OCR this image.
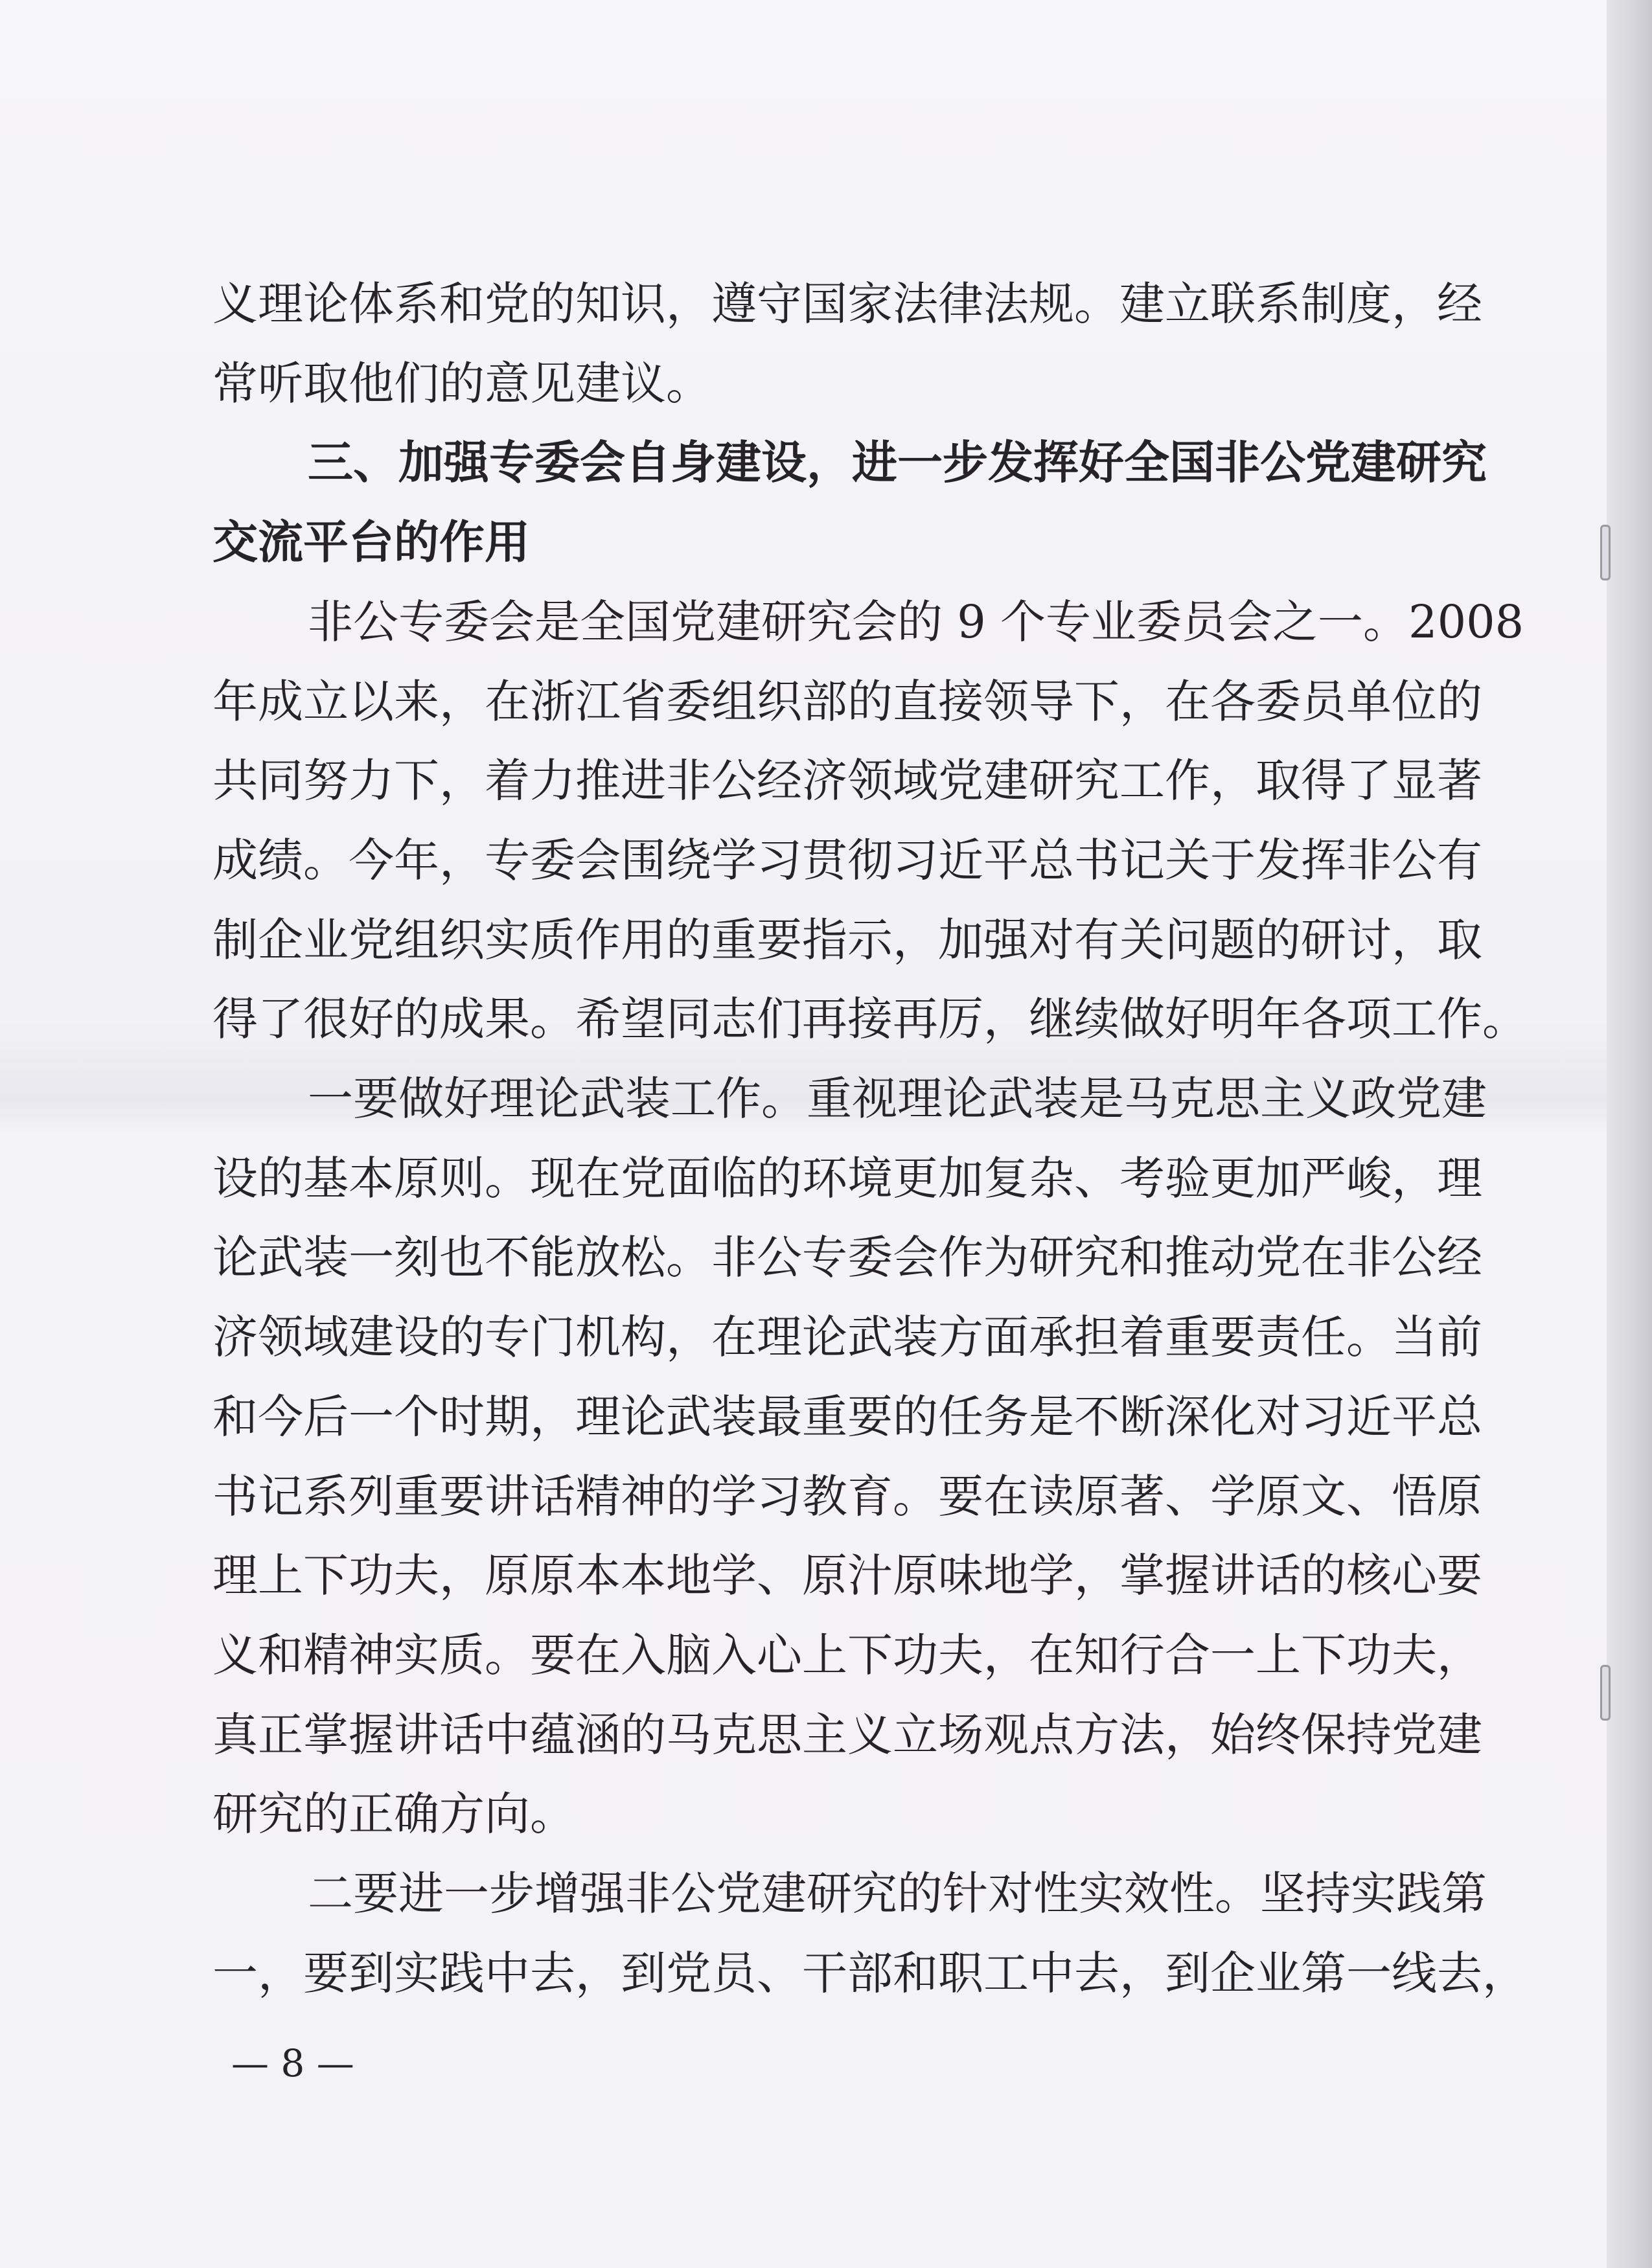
义理论体系和党的知识，遵守国家法律法规。建立联系制度，经
常听取他们的意见建议。
三、加强专委会自身建设，进一步发挥好全国非公党建研究
交流平台的作用
非公专委会是全国党建研究会的 9 个专业委员会之一。2008
年成立以来，在浙江省委组织部的直接领导下，在各委员单位的
共同努力下，着力推进非公经济领域党建研究工作，取得了显著
成绩。今年，专委会围绕学习贯彻习近平总书记关于发挥非公有
制企业党组织实质作用的重要指示，加强对有关问题的研讨，取
得了很好的成果。希望同志们再接再厉，继续做好明年各项工作。
一要做好理论武装工作。重视理论武装是马克思主义政党建
设的基本原则。现在党面临的环境更加复杂、考验更加严峻，理
论武装一刻也不能放松。非公专委会作为研究和推动党在非公经
济领域建设的专门机构，在理论武装方面承担着重要责任。当前
和今后一个时期，理论武装最重要的任务是不断深化对习近平总
书记系列重要讲话精神的学习教育。要在读原著、学原文、悟原
理上下功夫，原原本本地学、原汁原味地学，掌握讲话的核心要
义和精神实质。要在入脑入心上下功夫，在知行合一上下功夫，
真正掌握讲话中蕴涵的马克思主义立场观点方法，始终保持党建
研究的正确方向。
二要进一步增强非公党建研究的针对性实效性。坚持实践第
一，要到实践中去，到党员、干部和职工中去，到企业第一线去，
— 8 —
